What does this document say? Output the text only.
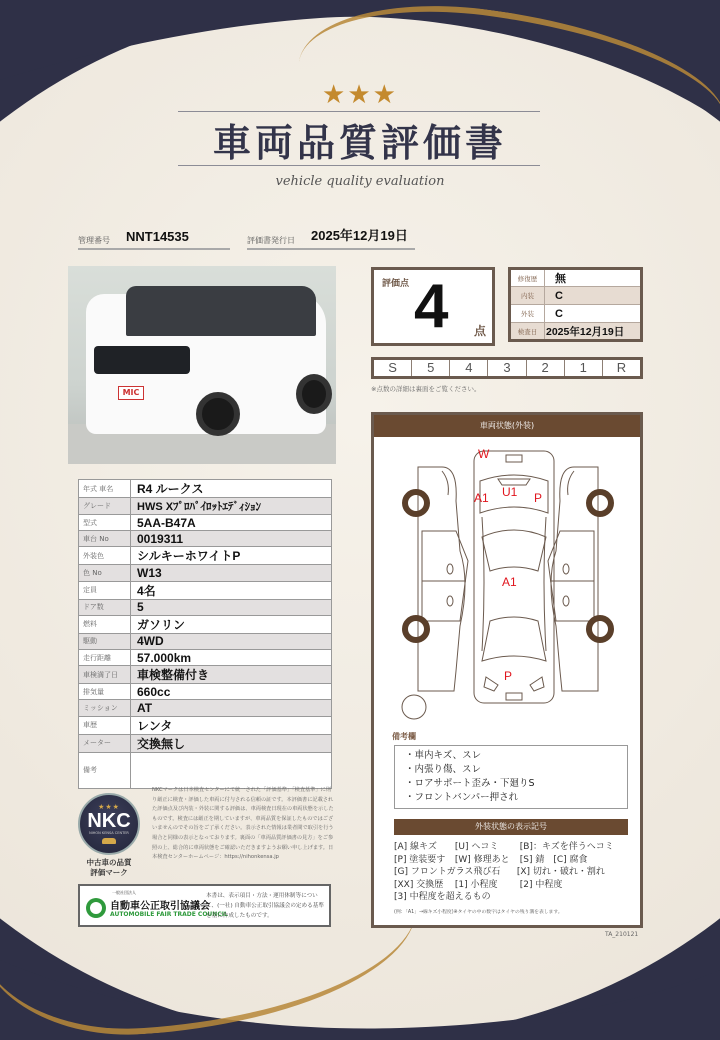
★★★
車両品質評価書
vehicle quality evaluation
管理番号 NNT14535	評価書発行日 2025年12月19日
MIC
年式 車名	R4 ルークス
グレード	HWS Xﾌﾟﾛﾊﾟｲﾛｯﾄｴﾃﾞｨｼｮﾝ
型式	5AA-B47A
車台 No	0019311
外装色	シルキーホワイトP
色 No	W13
定員	4名
ドア数	5
燃料	ガソリン
駆動	4WD
走行距離	57.000km
車検満了日	車検整備付き
排気量	660cc
ミッション	AT
車歴	レンタ
メーター	交換無し
備考	
★★★
NKC
NIHON KENSA CENTER
中古車の品質
評価マーク
NKCマークは日本検査センターにて統一された「評価基準」「検査基準」に則り厳正に検査・評価した車両に付与される信頼の証です。本評価書に記載された評価点及び内装・外装に関する評価は、車両検査日現在の車両状態を示したものです。検査には厳正を期していますが、車両品質を保証したものではございませんのでその旨をご了承ください。表示された情報は業者間で取引を行う場合と同様の表示となっております。裏面の「車両品質評価書の見方」をご参照の上、総合的に車両状態をご確認いただきますようお願い申し上げます。日本検査センターホームページ：https://nihonkensa.jp
一般社団法人
自動車公正取引協議会
AUTOMOBILE FAIR TRADE COUNCIL
本書は、表示項目・方法・運用体制等について、(一社) 自動車公正取引協議会の定める基準を基に作成したものです。
評価点 4 点
修復歴	無
内装	C
外装	C
検査日	2025年12月19日
S	5	4	3	2	1	R
※点数の詳細は裏面をご覧ください。
車両状態(外装)
W
A1 U1 P
A1
P
備考欄
・車内キズ、スレ
・内張り傷、スレ
・ロアサポート歪み・下廻りS
・フロントバンパー押され
外装状態の表示記号
[A] 線キズ [U] ヘコミ [B]：キズを伴うヘコミ
[P] 塗装要す [W] 修理あと [S] 錆　[C] 腐食
[G] フロントガラス飛び石 [X] 切れ・破れ・割れ
[XX] 交換歴 [1] 小程度 [2] 中程度
[3] 中程度を超えるもの
(例：「A1」→線キズ小程度)※タイヤの中の数字はタイヤの残り溝を表します。
TA_210121
